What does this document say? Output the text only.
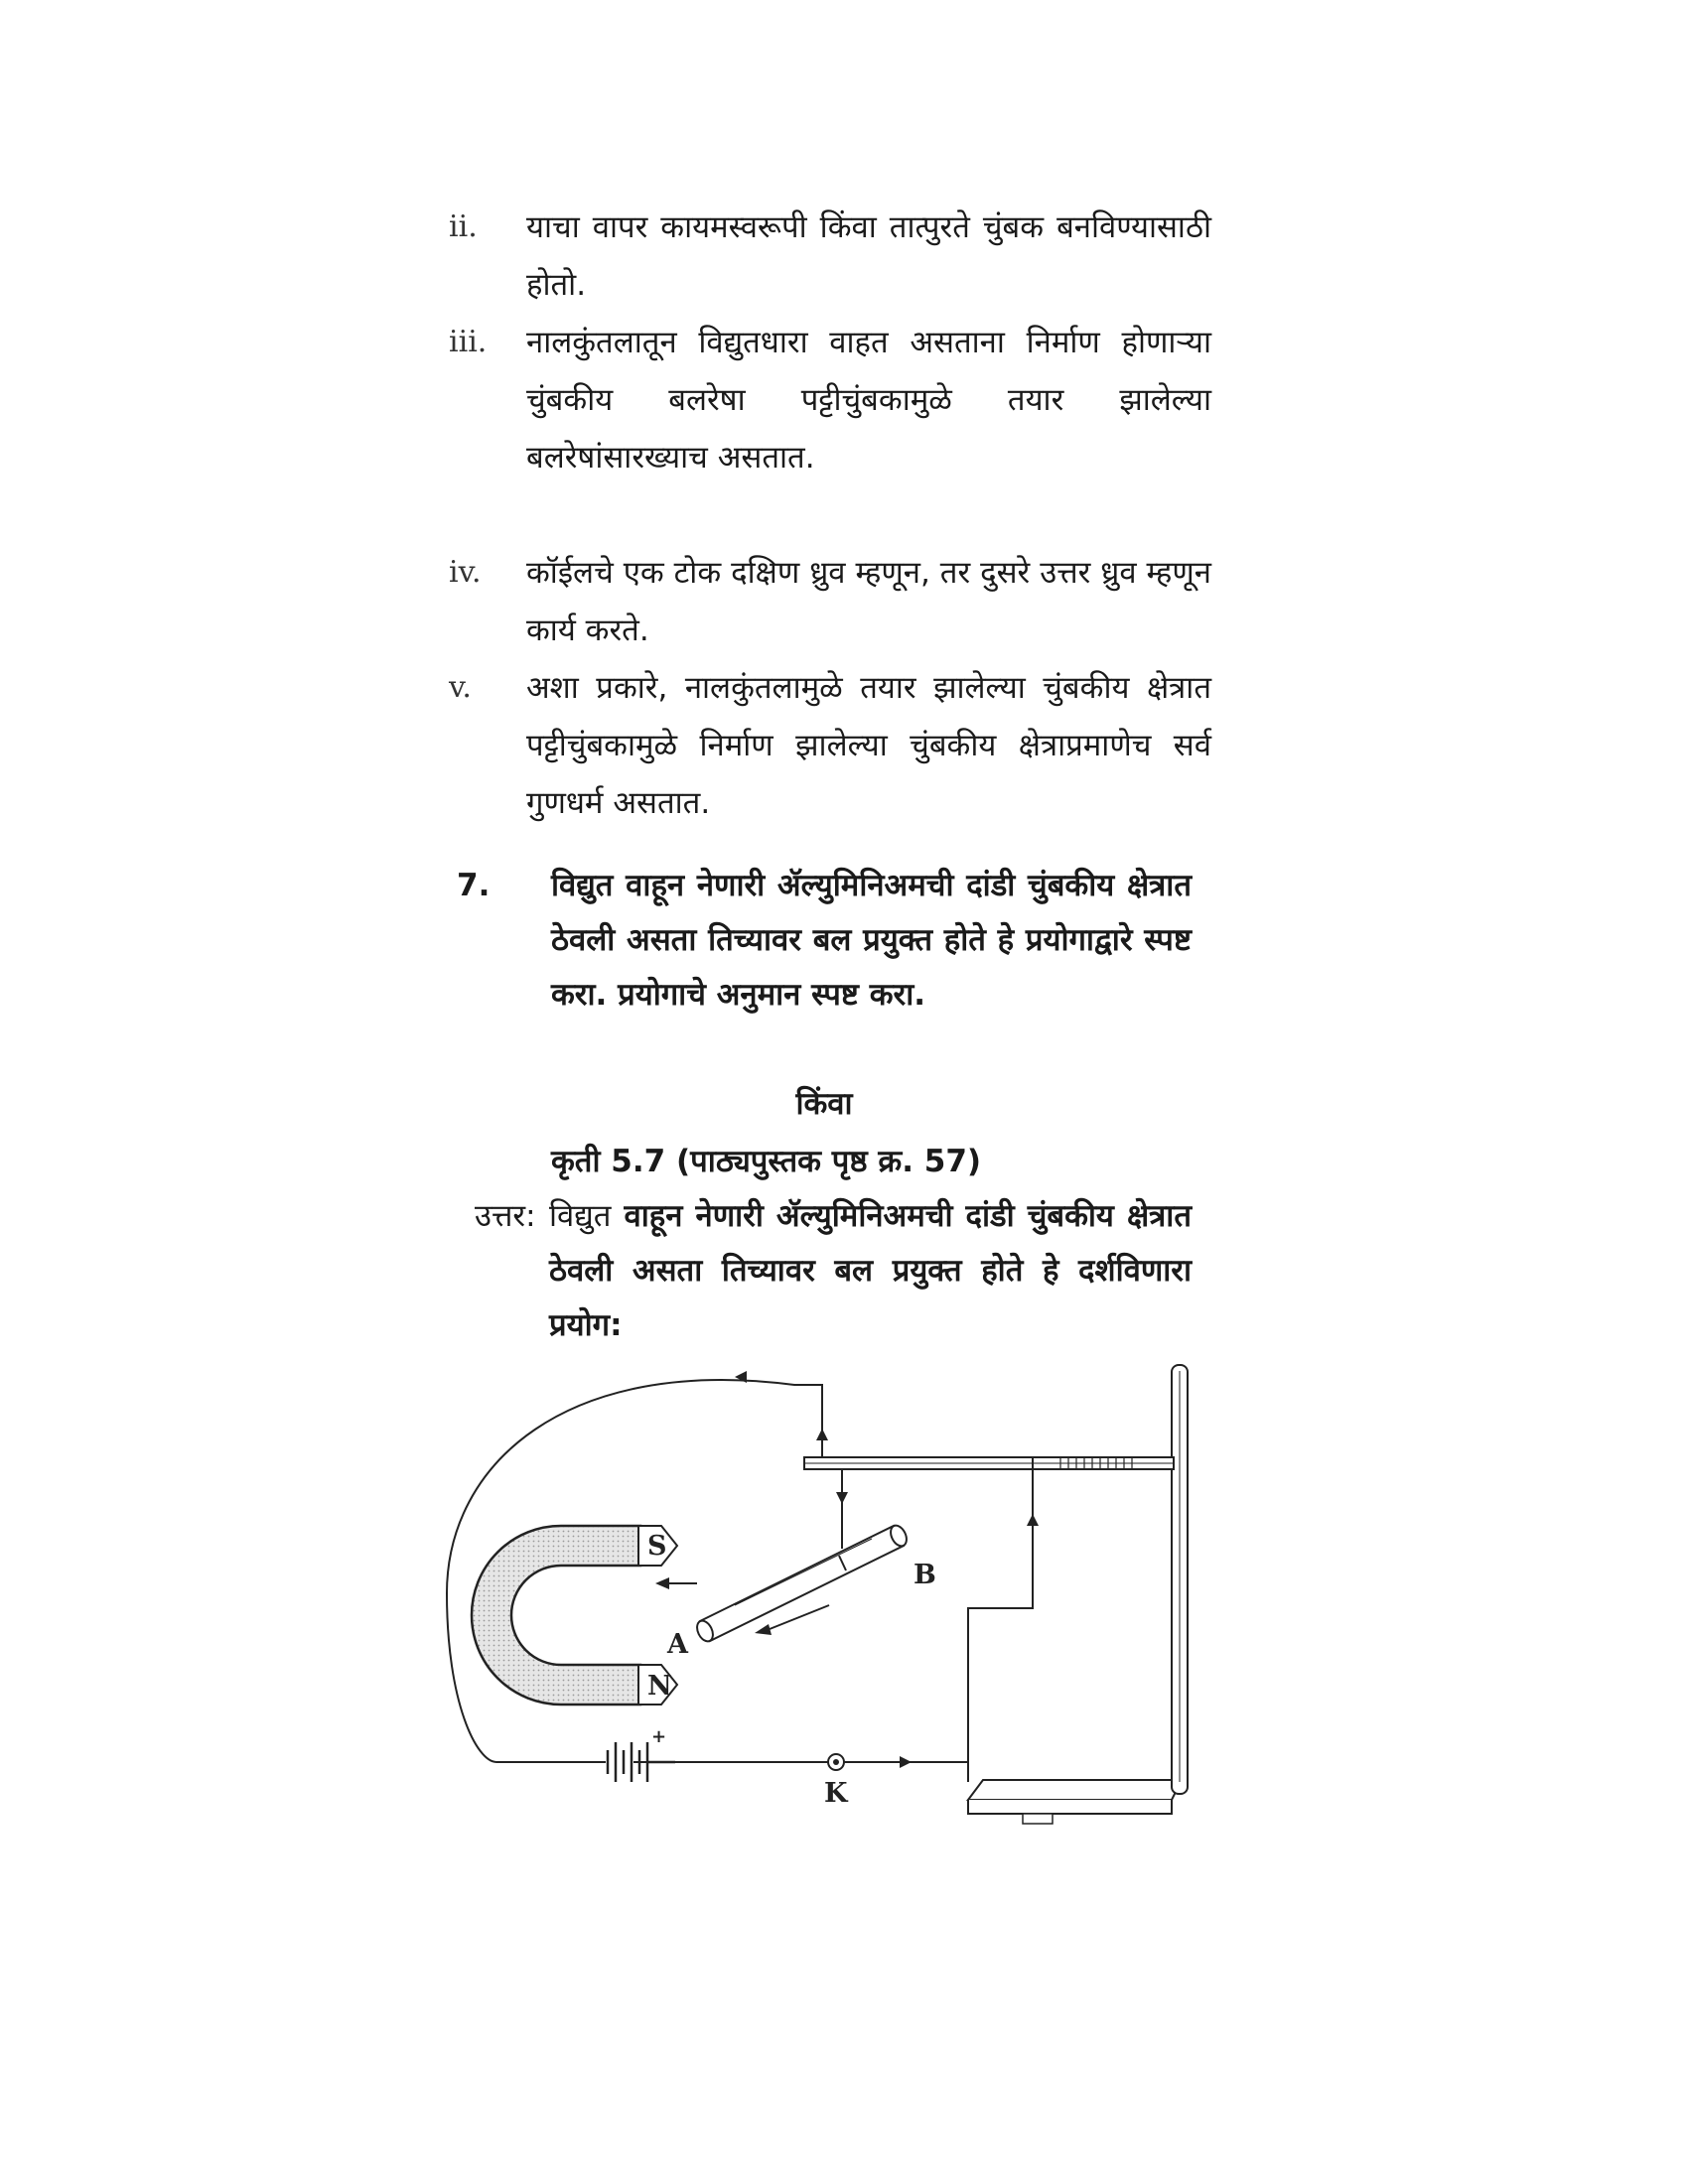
ii. याचा वापर कायमस्वरूपी किंवा तात्पुरते चुंबक बनविण्यासाठी होतो.
iii. नालकुंतलातून विद्युतधारा वाहत असताना निर्माण होणाऱ्या चुंबकीय बलरेषा पट्टीचुंबकामुळे तयार झालेल्या बलरेषांसारख्याच असतात.
iv. कॉईलचे एक टोक दक्षिण ध्रुव म्हणून, तर दुसरे उत्तर ध्रुव म्हणून कार्य करते.
v. अशा प्रकारे, नालकुंतलामुळे तयार झालेल्या चुंबकीय क्षेत्रात पट्टीचुंबकामुळे निर्माण झालेल्या चुंबकीय क्षेत्राप्रमाणेच सर्व गुणधर्म असतात.
7. विद्युत वाहून नेणारी ॲल्युमिनिअमची दांडी चुंबकीय क्षेत्रात ठेवली असता तिच्यावर बल प्रयुक्त होते हे प्रयोगाद्वारे स्पष्ट करा. प्रयोगाचे अनुमान स्पष्ट करा.
किंवा
कृती 5.7 (पाठ्यपुस्तक पृष्ठ क्र. 57)
उत्तर: विद्युत वाहून नेणारी ॲल्युमिनिअमची दांडी चुंबकीय क्षेत्रात ठेवली असता तिच्यावर बल प्रयुक्त होते हे दर्शविणारा प्रयोग:
S
N
A
B
K
+
